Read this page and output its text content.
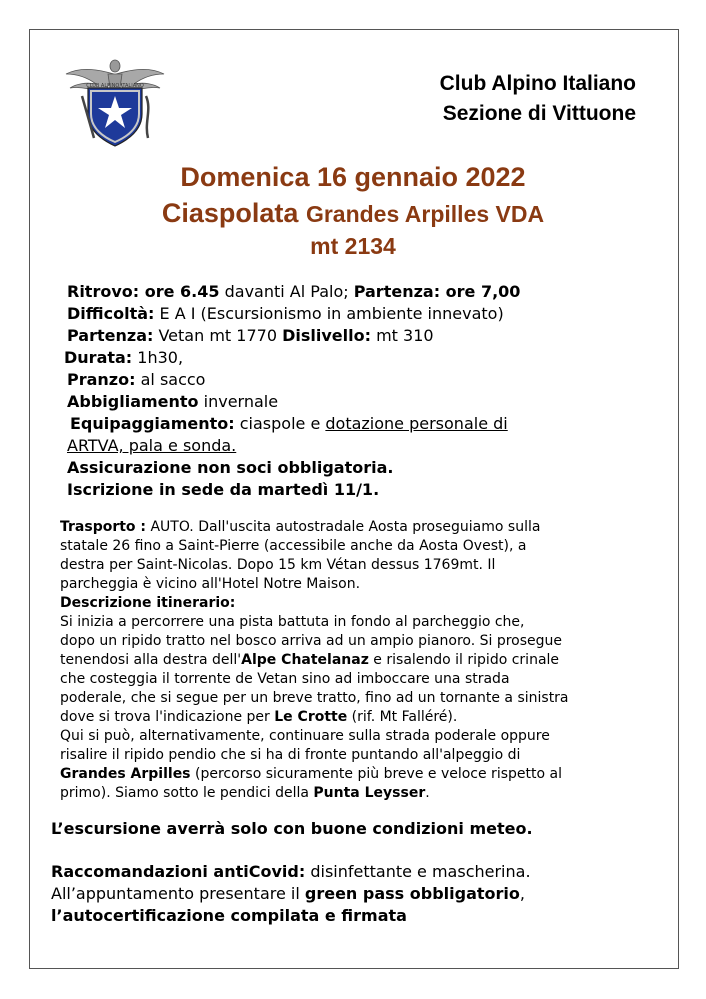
CLUB ALPINO ITALIANO	Club Alpino Italiano
Sezione di Vittuone
Domenica 16 gennaio 2022
Ciaspolata Grandes Arpilles VDA
mt 2134
Ritrovo: ore 6.45 davanti Al Palo; Partenza: ore 7,00
Difficoltà: E A I (Escursionismo in ambiente innevato)
Partenza: Vetan mt 1770 Dislivello: mt 310
Durata: 1h30,
Pranzo: al sacco
Abbigliamento invernale
Equipaggiamento: ciaspole e dotazione personale di
ARTVA, pala e sonda.
Assicurazione non soci obbligatoria.
Iscrizione in sede da martedì 11/1.
Trasporto : AUTO. Dall'uscita autostradale Aosta proseguiamo sulla
statale 26 fino a Saint-Pierre (accessibile anche da Aosta Ovest), a
destra per Saint-Nicolas. Dopo 15 km Vétan dessus 1769mt. Il
parcheggia è vicino all'Hotel Notre Maison.
Descrizione itinerario:
Si inizia a percorrere una pista battuta in fondo al parcheggio che,
dopo un ripido tratto nel bosco arriva ad un ampio pianoro. Si prosegue
tenendosi alla destra dell'Alpe Chatelanaz e risalendo il ripido crinale
che costeggia il torrente de Vetan sino ad imboccare una strada
poderale, che si segue per un breve tratto, fino ad un tornante a sinistra
dove si trova l'indicazione per Le Crotte (rif. Mt Falléré).
Qui si può, alternativamente, continuare sulla strada poderale oppure
risalire il ripido pendio che si ha di fronte puntando all'alpeggio di
Grandes Arpilles (percorso sicuramente più breve e veloce rispetto al
primo). Siamo sotto le pendici della Punta Leysser.
L’escursione averrà solo con buone condizioni meteo.
Raccomandazioni antiCovid: disinfettante e mascherina.
All’appuntamento presentare il green pass obbligatorio,
l’autocertificazione compilata e firmata
